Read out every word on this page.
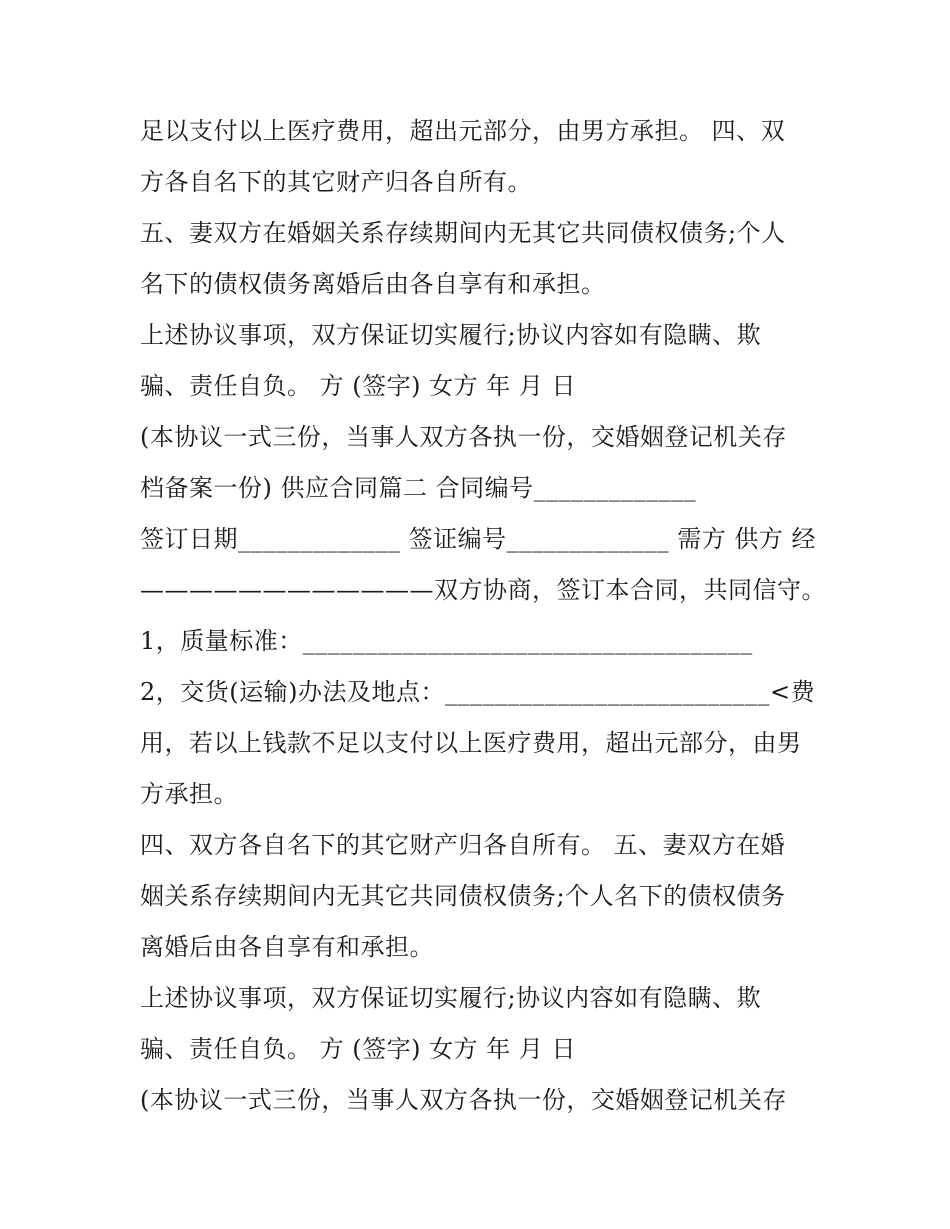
足以支付以上医疗费用，超出元部分，由男方承担。 四、双
方各自名下的其它财产归各自所有。
五、妻双方在婚姻关系存续期间内无其它共同债权债务;个人
名下的债权债务离婚后由各自享有和承担。
上述协议事项，双方保证切实履行;协议内容如有隐瞒、欺
骗、责任自负。 方 (签字) 女方 年 月 日
(本协议一式三份，当事人双方各执一份，交婚姻登记机关存
档备案一份) 供应合同篇二 合同编号_____________
签订日期_____________ 签证编号_____________ 需方 供方 经
————————————双方协商，签订本合同，共同信守。
1，质量标准：____________________________________
2，交货(运输)办法及地点：__________________________<费
用，若以上钱款不足以支付以上医疗费用，超出元部分，由男
方承担。
四、双方各自名下的其它财产归各自所有。 五、妻双方在婚
姻关系存续期间内无其它共同债权债务;个人名下的债权债务
离婚后由各自享有和承担。
上述协议事项，双方保证切实履行;协议内容如有隐瞒、欺
骗、责任自负。 方 (签字) 女方 年 月 日
(本协议一式三份，当事人双方各执一份，交婚姻登记机关存
